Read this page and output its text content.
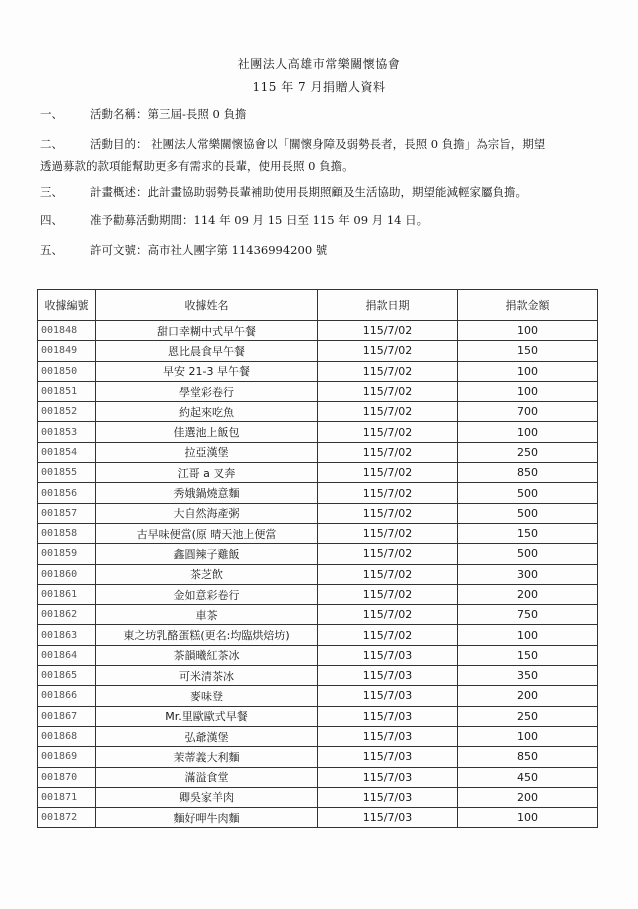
社團法人高雄市常樂關懷協會
115 年 7 月捐贈人資料
一、	活動名稱：第三屆-長照 0 負擔
二、	活動目的： 社團法人常樂關懷協會以「關懷身障及弱勢長者，長照 0 負擔」為宗旨，期望
透過募款的款項能幫助更多有需求的長輩，使用長照 0 負擔。
三、	計畫概述：此計畫協助弱勢長輩補助使用長期照顧及生活協助，期望能減輕家屬負擔。
四、	准予勸募活動期間：114 年 09 月 15 日至 115 年 09 月 14 日。
五、	許可文號：高市社人團字第 11436994200 號
收據編號	收據姓名	捐款日期	捐款金額
001848	甜口幸糊中式早午餐	115/7/02	100
001849	恩比晨食早午餐	115/7/02	150
001850	早安 21-3 早午餐	115/7/02	100
001851	學堂彩卷行	115/7/02	100
001852	約起來吃魚	115/7/02	700
001853	佳選池上飯包	115/7/02	100
001854	拉亞漢堡	115/7/02	250
001855	江哥 a 叉奔	115/7/02	850
001856	秀娥鍋燒意麵	115/7/02	500
001857	大自然海產粥	115/7/02	500
001858	古早味便當(原 晴天池上便當	115/7/02	150
001859	鑫圓辣子雞飯	115/7/02	500
001860	茶芝飲	115/7/02	300
001861	金如意彩卷行	115/7/02	200
001862	車茶	115/7/02	750
001863	東之坊乳酪蛋糕(更名:均臨烘焙坊)	115/7/02	100
001864	茶韻曦紅茶冰	115/7/03	150
001865	可米清茶冰	115/7/03	350
001866	麥味登	115/7/03	200
001867	Mr.里歐歐式早餐	115/7/03	250
001868	弘爺漢堡	115/7/03	100
001869	茉蒂義大利麵	115/7/03	850
001870	滿溢食堂	115/7/03	450
001871	卿吳家羊肉	115/7/03	200
001872	麵好呷牛肉麵	115/7/03	100
